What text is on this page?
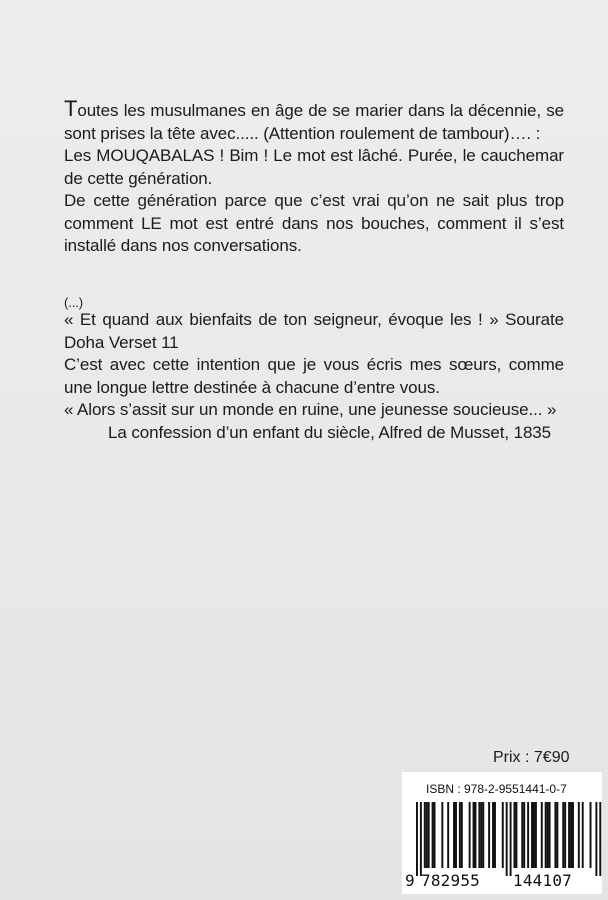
Toutes les musulmanes en âge de se marier dans la décennie, se sont prises la tête avec..... (Attention roulement de tambour)…. :

Les MOUQABALAS ! Bim ! Le mot est lâché. Purée, le cauchemar de cette génération.

De cette génération parce que c’est vrai qu’on ne sait plus trop comment LE mot est entré dans nos bouches, comment il s’est installé dans nos conversations.

(...)

« Et quand aux bienfaits de ton seigneur, évoque les ! » Sourate Doha Verset 11

C’est avec cette intention que je vous écris mes sœurs, comme une longue lettre destinée à chacune d’entre vous.

« Alors s’assit sur un monde en ruine, une jeunesse soucieuse... »

La confession d’un enfant du siècle, Alfred de Musset, 1835

Prix : 7€90
ISBN : 978-2-9551441-0-7
9 782955 144107
